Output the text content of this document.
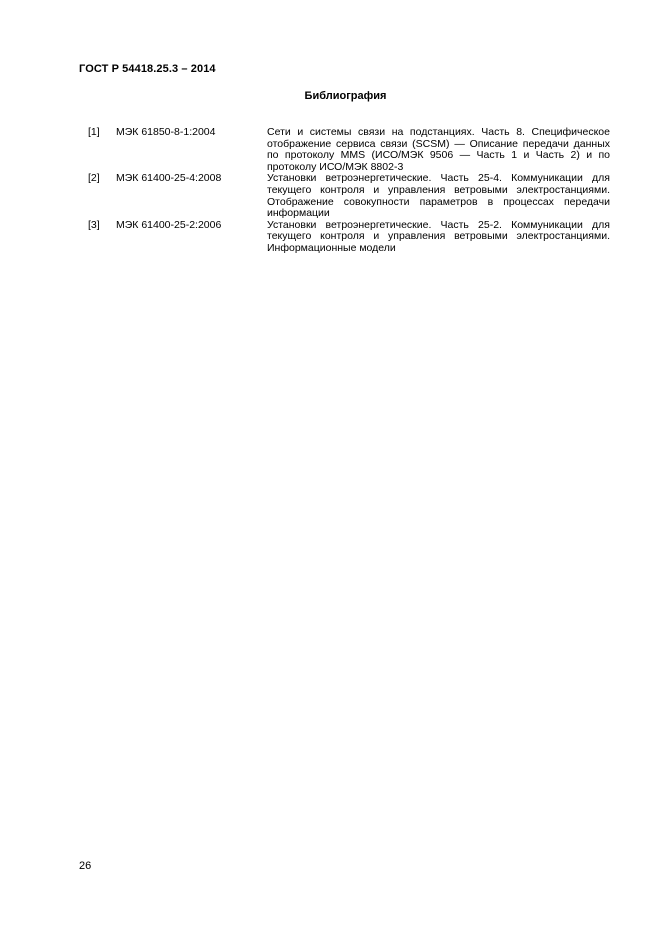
ГОСТ Р 54418.25.3 – 2014
Библиография
[1]	МЭК 61850-8-1:2004	Сети и системы связи на подстанциях. Часть 8. Специфическое отображение сервиса связи (SCSM) — Описание передачи данных по протоколу MMS (ИСО/МЭК 9506 — Часть 1 и Часть 2) и по протоколу ИСО/МЭК 8802-3
[2]	МЭК 61400-25-4:2008	Установки ветроэнергетические. Часть 25-4. Коммуникации для текущего контроля и управления ветровыми электростанциями. Отображение совокупности параметров в процессах передачи информации
[3]	МЭК 61400-25-2:2006	Установки ветроэнергетические. Часть 25-2. Коммуникации для текущего контроля и управления ветровыми электростанциями. Информационные модели
26
